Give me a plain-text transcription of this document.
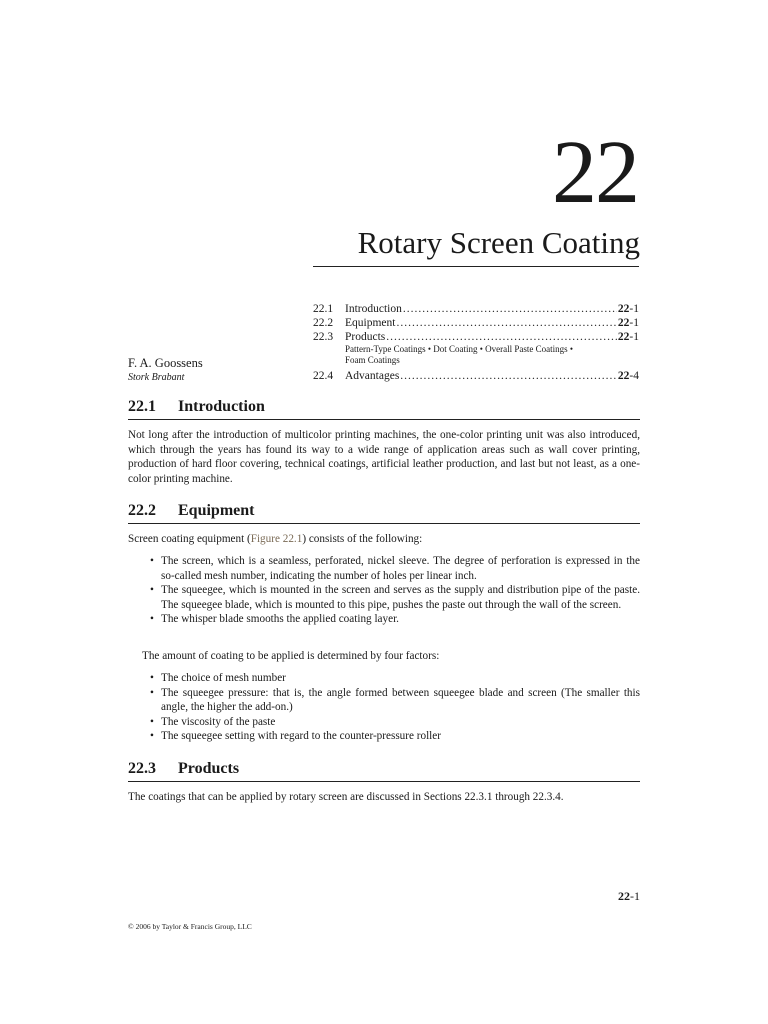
22
Rotary Screen Coating
22.1	Introduction .....	22-1
22.2	Equipment .....	22-1
22.3	Products .....	22-1
Pattern-Type Coatings • Dot Coating • Overall Paste Coatings •
Foam Coatings
22.4	Advantages .....	22-4
F. A. Goossens
Stork Brabant
22.1 Introduction
Not long after the introduction of multicolor printing machines, the one-color printing unit was also introduced, which through the years has found its way to a wide range of application areas such as wall cover printing, production of hard floor covering, technical coatings, artificial leather production, and last but not least, as a one-color printing machine.
22.2 Equipment
Screen coating equipment (Figure 22.1) consists of the following:
• The screen, which is a seamless, perforated, nickel sleeve. The degree of perforation is expressed in the so-called mesh number, indicating the number of holes per linear inch.
• The squeegee, which is mounted in the screen and serves as the supply and distribution pipe of the paste. The squeegee blade, which is mounted to this pipe, pushes the paste out through the wall of the screen.
• The whisper blade smooths the applied coating layer.
The amount of coating to be applied is determined by four factors:
• The choice of mesh number
• The squeegee pressure: that is, the angle formed between squeegee blade and screen (The smaller this angle, the higher the add-on.)
• The viscosity of the paste
• The squeegee setting with regard to the counter-pressure roller
22.3 Products
The coatings that can be applied by rotary screen are discussed in Sections 22.3.1 through 22.3.4.
22-1
© 2006 by Taylor & Francis Group, LLC
